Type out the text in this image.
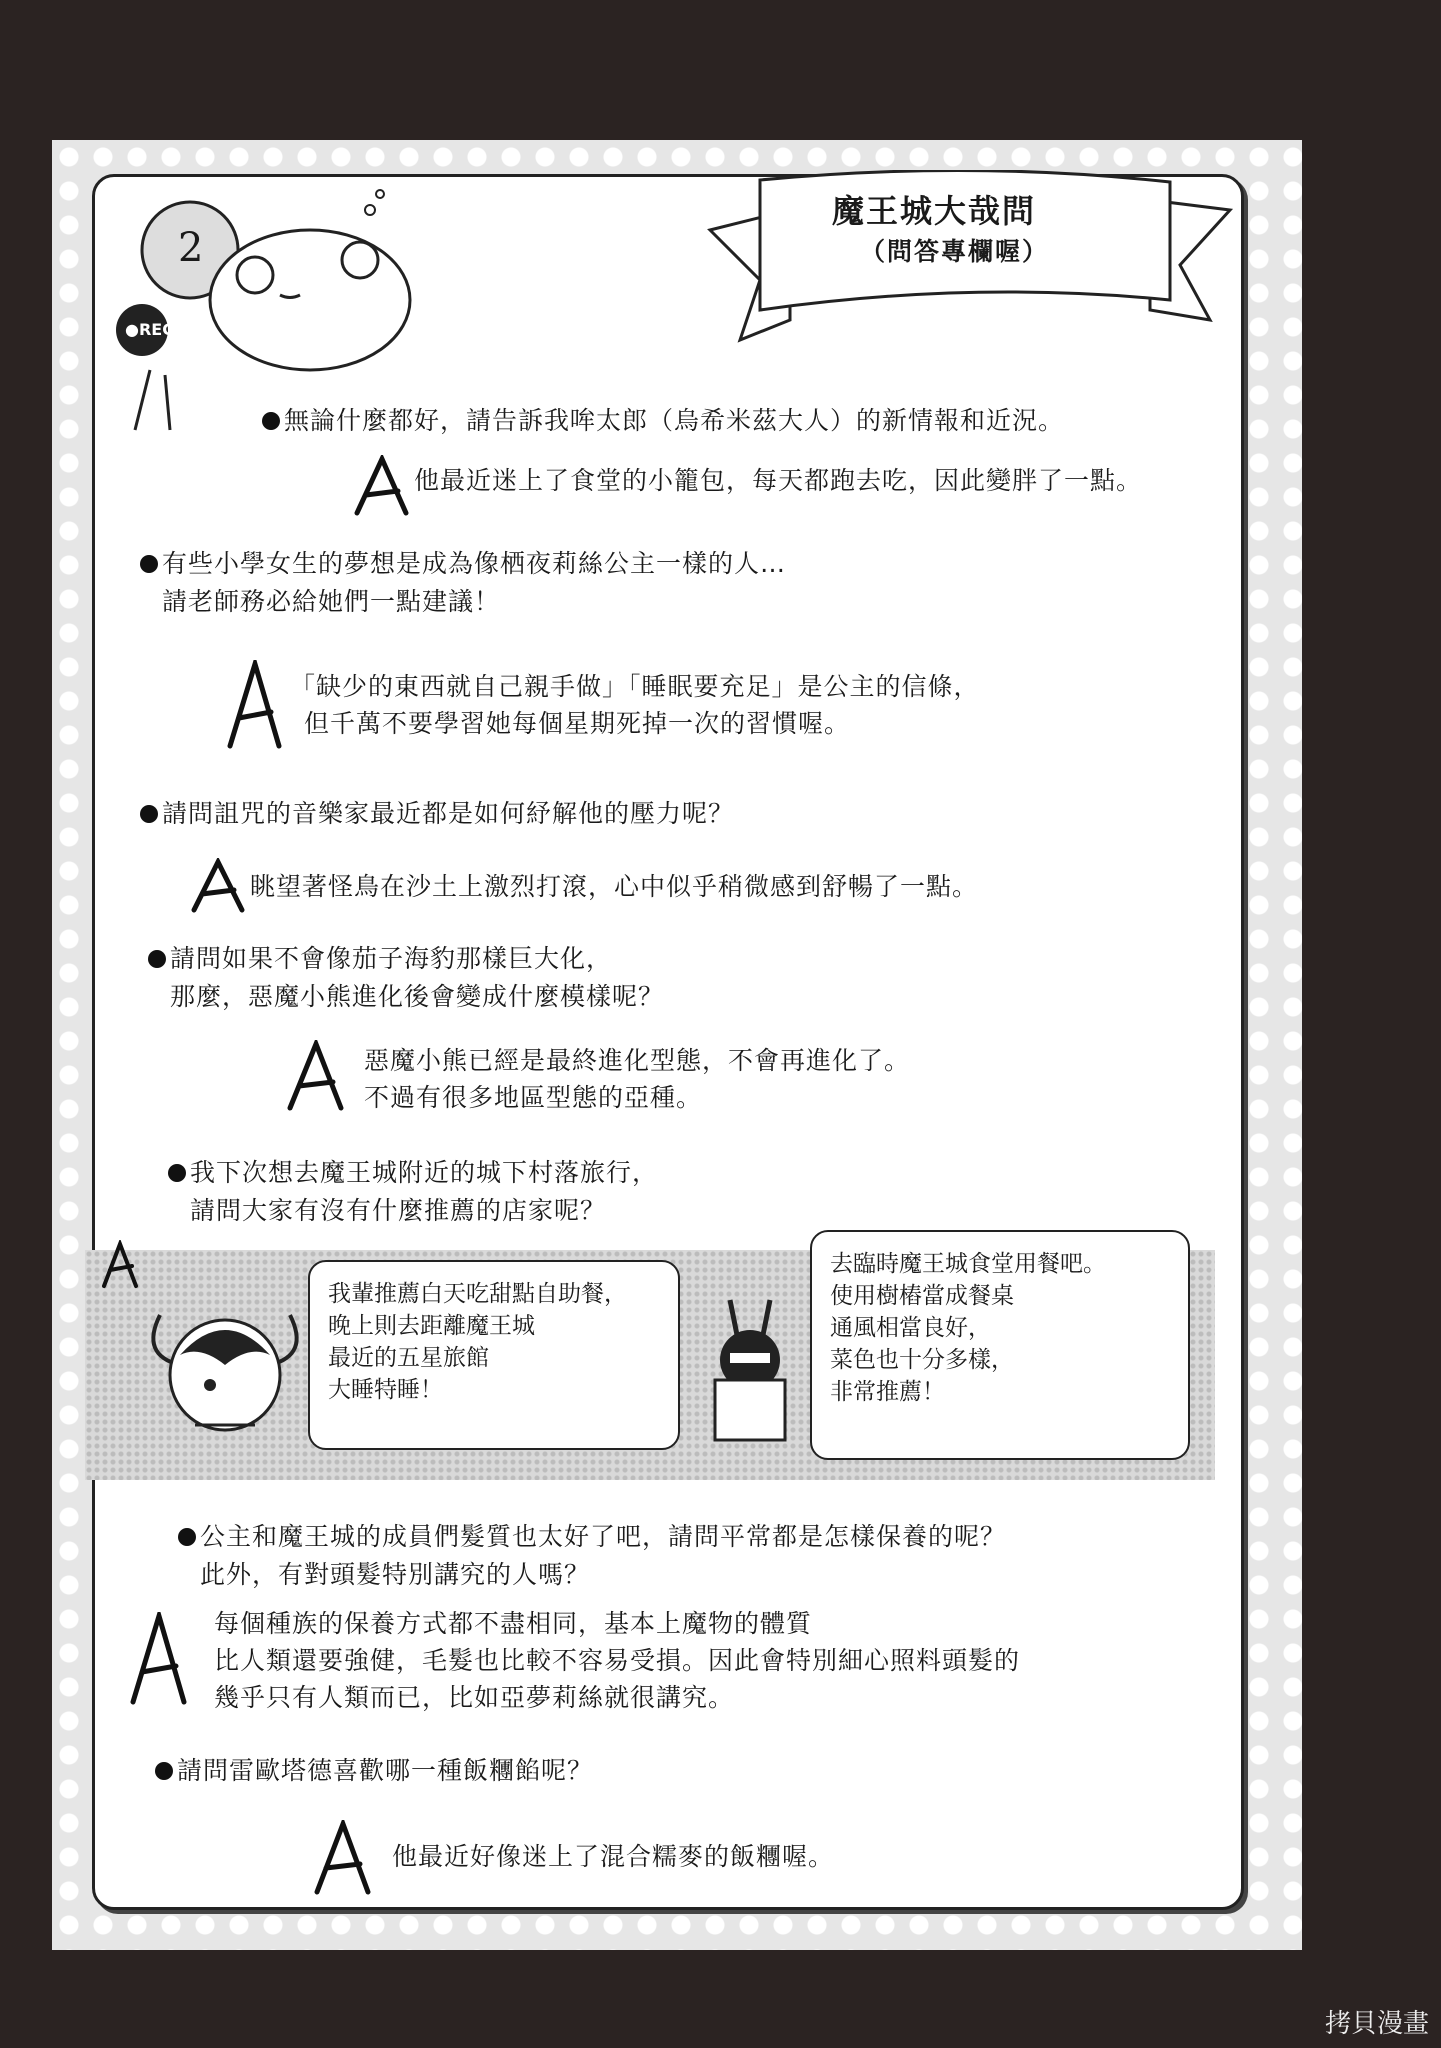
魔王城大哉問
（問答專欄喔）
2
●REC
無論什麼都好，請告訴我哞太郎（烏希米茲大人）的新情報和近況。
他最近迷上了食堂的小籠包，每天都跑去吃，因此變胖了一點。
有些小學女生的夢想是成為像栖夜莉絲公主一樣的人…
請老師務必給她們一點建議！
「缺少的東西就自己親手做」「睡眠要充足」是公主的信條，
但千萬不要學習她每個星期死掉一次的習慣喔。
請問詛咒的音樂家最近都是如何紓解他的壓力呢？
眺望著怪鳥在沙土上激烈打滾，心中似乎稍微感到舒暢了一點。
請問如果不會像茄子海豹那樣巨大化，
那麼，惡魔小熊進化後會變成什麼模樣呢？
惡魔小熊已經是最終進化型態，不會再進化了。
不過有很多地區型態的亞種。
我下次想去魔王城附近的城下村落旅行，
請問大家有沒有什麼推薦的店家呢？
我輩推薦白天吃甜點自助餐，
晚上則去距離魔王城
最近的五星旅館
大睡特睡！
去臨時魔王城食堂用餐吧。
使用樹樁當成餐桌
通風相當良好，
菜色也十分多樣，
非常推薦！
公主和魔王城的成員們髮質也太好了吧，請問平常都是怎樣保養的呢？
此外，有對頭髮特別講究的人嗎？
每個種族的保養方式都不盡相同，基本上魔物的體質
比人類還要強健，毛髮也比較不容易受損。因此會特別細心照料頭髮的
幾乎只有人類而已，比如亞夢莉絲就很講究。
請問雷歐塔德喜歡哪一種飯糰餡呢？
他最近好像迷上了混合糯麥的飯糰喔。
拷貝漫畫
